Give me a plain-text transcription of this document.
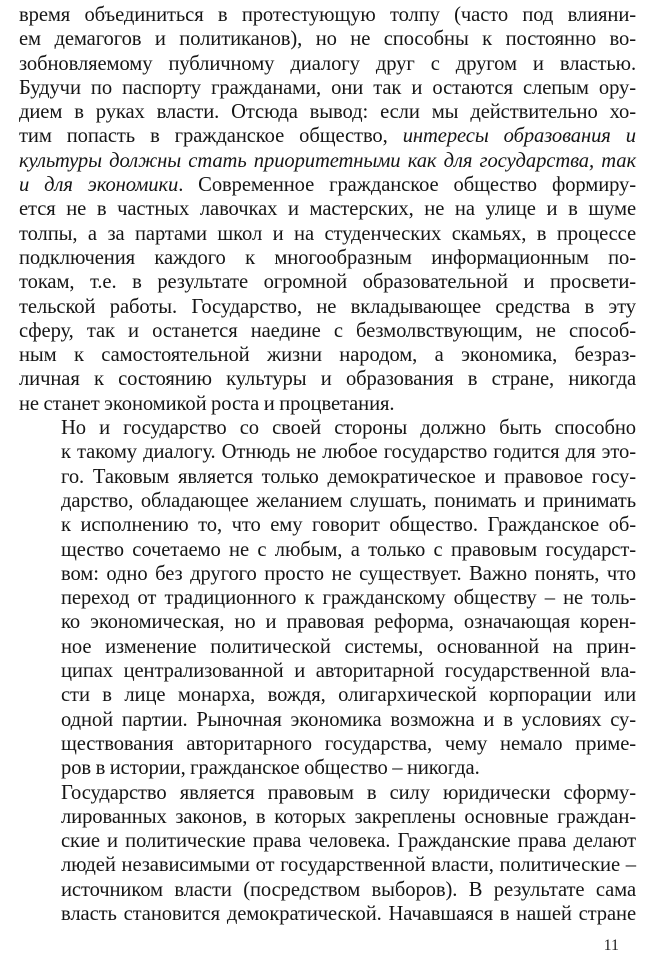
время объединиться в протестующую толпу (часто под влияни-
ем демагогов и политиканов), но не способны к постоянно во-
зобновляемому публичному диалогу друг с другом и властью.
Будучи по паспорту гражданами, они так и остаются слепым ору-
дием в руках власти. Отсюда вывод: если мы действительно хо-
тим попасть в гражданское общество, интересы образования и
культуры должны стать приоритетными как для государства, так
и для экономики. Современное гражданское общество формиру-
ется не в частных лавочках и мастерских, не на улице и в шуме
толпы, а за партами школ и на студенческих скамьях, в процессе
подключения каждого к многообразным информационным по-
токам, т.е. в результате огромной образовательной и просвети-
тельской работы. Государство, не вкладывающее средства в эту
сферу, так и останется наедине с безмолвствующим, не способ-
ным к самостоятельной жизни народом, а экономика, безраз-
личная к состоянию культуры и образования в стране, никогда
не станет экономикой роста и процветания.

Но и государство со своей стороны должно быть способно
к такому диалогу. Отнюдь не любое государство годится для это-
го. Таковым является только демократическое и правовое госу-
дарство, обладающее желанием слушать, понимать и принимать
к исполнению то, что ему говорит общество. Гражданское об-
щество сочетаемо не с любым, а только с правовым государст-
вом: одно без другого просто не существует. Важно понять, что
переход от традиционного к гражданскому обществу – не толь-
ко экономическая, но и правовая реформа, означающая корен-
ное изменение политической системы, основанной на прин-
ципах централизованной и авторитарной государственной вла-
сти в лице монарха, вождя, олигархической корпорации или
одной партии. Рыночная экономика возможна и в условиях су-
ществования авторитарного государства, чему немало приме-
ров в истории, гражданское общество – никогда.

Государство является правовым в силу юридически сформу-
лированных законов, в которых закреплены основные граждан-
ские и политические права человека. Гражданские права делают
людей независимыми от государственной власти, политические –
источником власти (посредством выборов). В результате сама
власть становится демократической. Начавшаяся в нашей стране

11
